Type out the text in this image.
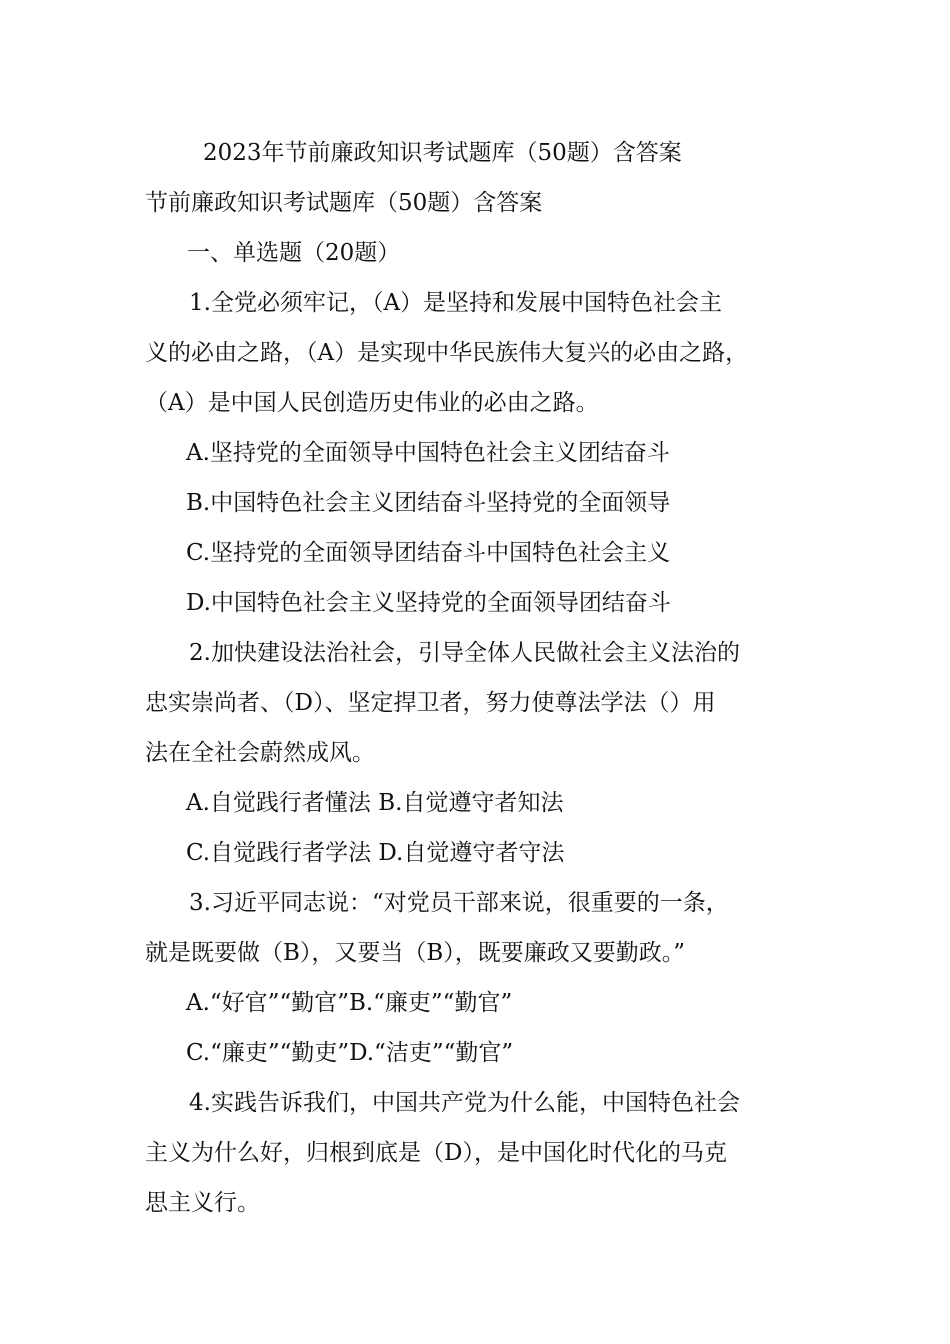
2023年节前廉政知识考试题库（50题）含答案
节前廉政知识考试题库（50题）含答案
一、单选题（20题）
1.全党必须牢记，（A）是坚持和发展中国特色社会主
义的必由之路，（A）是实现中华民族伟大复兴的必由之路，
（A）是中国人民创造历史伟业的必由之路。
A.坚持党的全面领导中国特色社会主义团结奋斗
B.中国特色社会主义团结奋斗坚持党的全面领导
C.坚持党的全面领导团结奋斗中国特色社会主义
D.中国特色社会主义坚持党的全面领导团结奋斗
2.加快建设法治社会，引导全体人民做社会主义法治的
忠实崇尚者、（D）、坚定捍卫者，努力使尊法学法（）用
法在全社会蔚然成风。
A.自觉践行者懂法 B.自觉遵守者知法
C.自觉践行者学法 D.自觉遵守者守法
3.习近平同志说：“对党员干部来说，很重要的一条，
就是既要做（B），又要当（B），既要廉政又要勤政。”
A.“好官”“勤官”B.“廉吏”“勤官”
C.“廉吏”“勤吏”D.“洁吏”“勤官”
4.实践告诉我们，中国共产党为什么能，中国特色社会
主义为什么好，归根到底是（D），是中国化时代化的马克
思主义行。
